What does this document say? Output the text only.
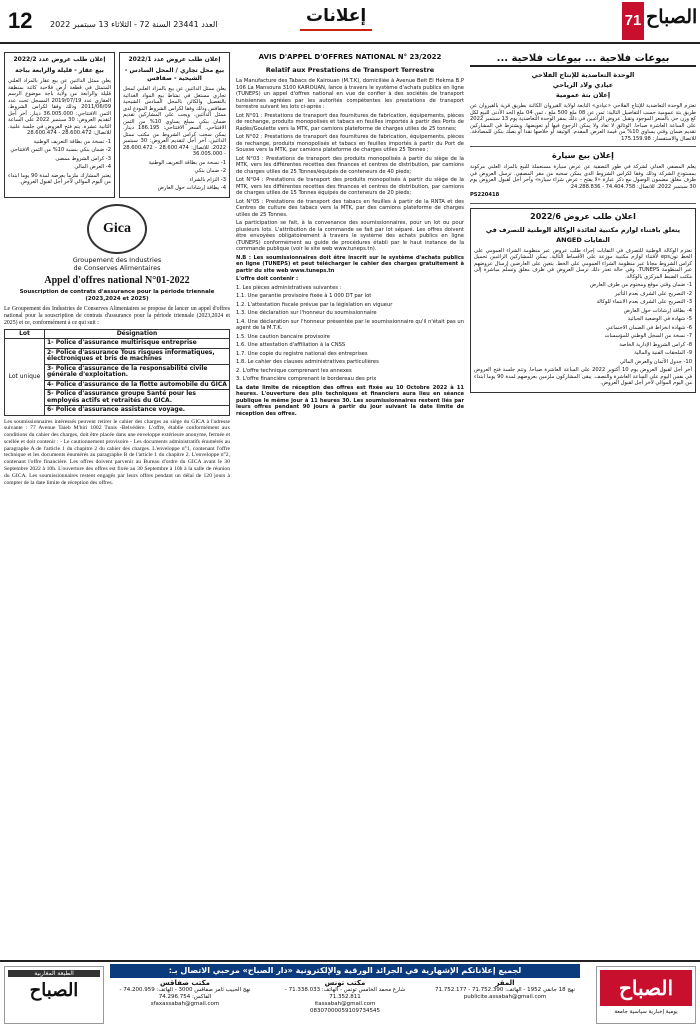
12 العدد 23441 السنة 72 - الثلاثاء 13 سبتمبر 2022	إعلانات	71 الصباح
بيوعات فلاحية ... بيوعات فلاحية ...
الوحدة التعاضدية للإنتاج الفلاحي
عيادي ولاد الرياحي
إعلان بتة عمومية

تعتزم الوحدة التعاضدية للإنتاج الفلاحي «عيادي» التابعة لولاية القيروان الكائنة بطريق قرية بالقيروان عن طريق بتة عمومية حسب التفاصيل التالية: ثمن عن 08 ملغ 500 ملغ ، ثمن 04 ملغ الحد الأدنى للبيع لكل كغ وزن حي بالسعر الموجود وتقبل عروض الراغبين في ذلك بمقر الوحدة التعاضدية يوم 13 سبتمبر 2022 على الساعة العاشرة صباحا. الوثائق لا تعاد ولا يمكن الرجوع فيها أو تعويضها. ويشترط في المشاركين تقديم ضمان وقتي يساوي 10% من قيمة العرض المقدم. الوثيقة أو خلاصها نقدا أو بصك بنكي للمصادقة. للاتصال والاستفسار: 175.159.98

إعلان بيع سيارة

يعلم المصفي العدلي لشركة في طور التصفية عن عرض سيارة مستعملة للبيع بالمزاد العلني مركونة بمستودع الشركة وذلك وفقا لكراس الشروط الذي يمكن سحبه من مقر المصفي. ترسل العروض في ظرف مغلق مضمون الوصول مع ذكر عبارة «لا يفتح - عرض شراء سيارة» وآخر أجل لقبول العروض يوم 30 سبتمبر 2022. للاتصال: 74.404.758 - 24.288.836

PS220418

اعلان طلب عروض 2022/6
يتعلق باقتناء لوازم مكتبية لفائدة الوكالة الوطنية للتصرف في النفايات ANGED

تعتزم الوكالة الوطنية للتصرف في النفايات إجراء طلب عروض عبر منظومة الشراء العمومي على الخط تونeps لاقتناء لوازم مكتبية موزعة على الأقساط التالية. يمكن للمشاركين الراغبين تحميل كراس الشروط مجانا عبر منظومة الشراء العمومي على الخط. يتعين على العارضين إرسال عروضهم عبر المنظومة TUNEPS. وفي حالة تعذر ذلك ترسل العروض في ظرف مغلق وتسلم مباشرة إلى مكتب الضبط المركزي بالوكالة.

1- ضمان وقتي موقع ومختوم من طرف العارض

2- التصريح على الشرف بعدم التأثير

3- التصريح على الشرف بعدم الانتماء للوكالة

4- بطاقة إرشادات حول العارض

5- شهادة في الوضعية الجبائية

6- شهادة انخراط في الضمان الاجتماعي

7- نسخة من السجل الوطني للمؤسسات

8- كراس الشروط الإدارية الخاصة

9- الملحقات الفنية والمالية

10- جدول الأثمان والعرض المالي

آخر أجل لقبول العروض يوم 10 أكتوبر 2022 على الساعة العاشرة صباحا. وتتم جلسة فتح العروض في نفس اليوم على الساعة العاشرة والنصف. يبقى المشاركون ملزمين بعروضهم لمدة 90 يوما ابتداء من اليوم الموالي لآخر أجل لقبول العروض.

AVIS D'APPEL D'OFFRES NATIONAL N° 23/2022
Relatif aux Prestations de Transport Terrestre

La Manufacture des Tabacs de Kairouan (M.T.K), domiciliée à Avenue Beit El Hekma B.P 106 La Mansoura 3100 KAIROUAN, lance à travers le système d'achats publics en ligne (TUNEPS) un appel d'offres national en vue de confier à des sociétés de transport tunisiennes agréées par les autorités compétentes les prestations de transport terrestre suivant les lots ci-après :

Lot N°01 : Prestations de transport des fournitures de fabrication, équipements, pièces de rechange, produits monopolisés et tabacs en feuilles importés à partir des Ports de Radès/Goulette vers la MTK, par camions plateforme de charges utiles de 25 tonnes;

Lot N°02 : Prestations de transport des fournitures de fabrication, équipements, pièces de rechange, produits monopolisés et tabacs en feuilles importés à partir du Port de Sousse vers la MTK, par camions plateforme de charges utiles 25 Tonnes ;

Lot N°03 : Prestations de transport des produits monopolisés à partir du siège de la MTK, vers les différentes recettes des finances et centres de distribution, par camions de charges utiles de 25 Tonnes/équipés de conteneurs de 40 pieds;

Lot N°04 : Prestations de transport des produits monopolisés à partir du siège de la MTK, vers les différentes recettes des finances et centres de distribution, par camions de charges utiles de 15 Tonnes équipés de conteneurs de 20 pieds;

Lot N°05 : Prestations de transport des tabacs en feuilles à partir de la RNTA et des Centres de culture des tabacs vers la MTK, par des camions plateforme de charges utiles de 25 Tonnes.

La participation se fait, à la convenance des soumissionnaires, pour un lot ou pour plusieurs lots. L'attribution de la commande se fait par lot séparé. Les offres doivent être envoyées obligatoirement à travers le système des achats publics en ligne (TUNEPS) conformément au guide de procédures établi par le haut instance de la commande publique (voir le site web www.tuneps.tn).

N.B : Les soumissionnaires doit être inscrit sur le système d'achats publics en ligne (TUNEPS) et peut télécharger le cahier des charges gratuitement à partir du site web www.tuneps.tn

L'offre doit contenir :

1. Les pièces administratives suivantes :

1.1. Une garantie provisoire fixée à 1 000 DT par lot

1.2. L'attestation fiscale prévue par la législation en vigueur

1.3. Une déclaration sur l'honneur du soumissionnaire

1.4. Une déclaration sur l'honneur présentée par le soumissionnaire qu'il n'était pas un agent de la M.T.K.

1.5. Une caution bancaire provisoire

1.6. Une attestation d'affiliation à la CNSS

1.7. Une copie du registre national des entreprises

1.8. Le cahier des clauses administratives particulières

2. L'offre technique comprenant les annexes

3. L'offre financière comprenant le bordereau des prix

La date limite de réception des offres est fixée au 10 Octobre 2022 à 11 heures. L'ouverture des plis techniques et financiers aura lieu en séance publique le même jour à 11 heures 30. Les soumissionnaires restent liés par leurs offres pendant 90 jours à partir du jour suivant la date limite de réception des offres.

إعلان طلب عروض عدد 2022/1
بيع محل تجاري / المحل السادس - الشيحية - صفاقس

يعلن ممثل الدائنين عن بيع بالمزاد العلني لمحل تجاري مستغل في نشاط بيع المواد الغذائية بالتفصيل والكائن بالمحل السادس الشيحية صفاقس وذلك وفقا لكراس الشروط المودع لدى ممثل الدائنين. ويجب على المشاركين تقديم ضمان بنكي بمبلغ يساوي 10% من الثمن الافتتاحي. السعر الافتتاحي: 186.195 دينار. يمكن سحب كراس الشروط من مكتب ممثل الدائنين. آخر أجل لتقديم العروض: 30 سبتمبر 2022. للاتصال: 28.600.474 - 28.600.472 - 36.005.000

1- نسخة من بطاقة التعريف الوطنية

2- ضمان بنكي

3- التزام بالشراء

4- بطاقة إرشادات حول العارض

إعلان طلب عروض عدد 2022/2
بيع عقار - قليلة والرابعة بباجة

يعلن ممثل الدائنين عن بيع عقار بالمزاد العلني المتمثل في قطعة أرض فلاحية كائنة بمنطقة قليلة والرابعة من ولاية باجة موضوع الرسم العقاري عدد 2019/07/19 المسجل تحت عدد 2011/06/09 وذلك وفقا لكراس الشروط. الثمن الافتتاحي: 36.005.000 دينار. آخر أجل لتقديم العروض: 30 سبتمبر 2022 على الساعة الثانية عشرة. يتم فتح العروض في جلسة علنية. للاتصال: 28.600.472 - 28.600.474

1- نسخة من بطاقة التعريف الوطنية

2- ضمان بنكي بنسبة 10% من الثمن الافتتاحي

3- كراس الشروط ممضى

4- العرض المالي

يعتبر المشارك ملزما بعرضه لمدة 90 يوما ابتداء من اليوم الموالي لآخر أجل لقبول العروض.

Gica
Groupement des Industries
de Conserves Alimentaires
Appel d'offres national N°01-2022
Souscription de contrats d'assurance pour la période triennale (2023,2024 et 2025)

Le Groupement des Industries de Conserves Alimentaires se propose de lancer un appel d'offres national pour la souscription de contrats d'assurance pour la période triennale (2023,2024 et 2025) et ce, conformément à ce qui suit :

Lot	Désignation
Lot unique	1- Police d'assurance multirisque entreprise
	2- Police d'assurance Tous risques informatiques, électroniques et bris de machines
	3- Police d'assurance de la responsabilité civile générale d'exploitation.
	4- Police d'assurance de la flotte automobile du GICA
	5- Police d'assurance groupe Santé pour les employés actifs et retraités du GICA.
	6- Police d'assurance assistance voyage.

Les soumissionnaires intéressés peuvent retirer le cahier des charges au siège du GICA à l'adresse suivante : 77 Avenue Taieb M'hiri 1002 Tunis -Belvédère. L'offre, établie conformément aux conditions du cahier des charges, doit être placée dans une enveloppe extérieure anonyme, fermée et scellée et doit contenir : - Le cautionnement provisoire - Les documents administratifs énumérés au paragraphe A de l'article 1 du chapitre 2 du cahier des charges. L'enveloppe n°1, contenant l'offre technique et les documents énumérés au paragraphe B de l'article 1 du chapitre 2. L'enveloppe n°2, contenant l'offre financière. Les offres doivent parvenir au Bureau d'ordre du GICA avant le 30 Septembre 2022 à 10h. L'ouverture des offres est fixée au 30 Septembre à 10h à la salle de réunion du GICA. Les soumissionnaires restent engagés par leurs offres pendant un délai de 120 jours à compter de la date limite de réception des offres.

الطبعة المغاربية
الصباح
لجميع إعلاناتكم الإشهارية في الجرائد الورقية والإلكترونية «دار الصباح» مرحبي الاتصال بـ:
مكتب صفاقس
نهج الحبيب ثامر صفاقس 3000 - الهاتف: 74.200.959 - الفاكس: 74.296.754
sfaxassabah@gmail.com
مكتب تونس
شارع محمد الخامس تونس - الهاتف: 71.338.033 - 71.352.811
itassabah@gmail.com
08307000059109734545
المقر
نهج 18 جانفي 1952 - الهاتف: 71.752.390 - 71.752.177
publicite.assabah@gmail.com	الصباح
يومية إخبارية سياسية جامعة
